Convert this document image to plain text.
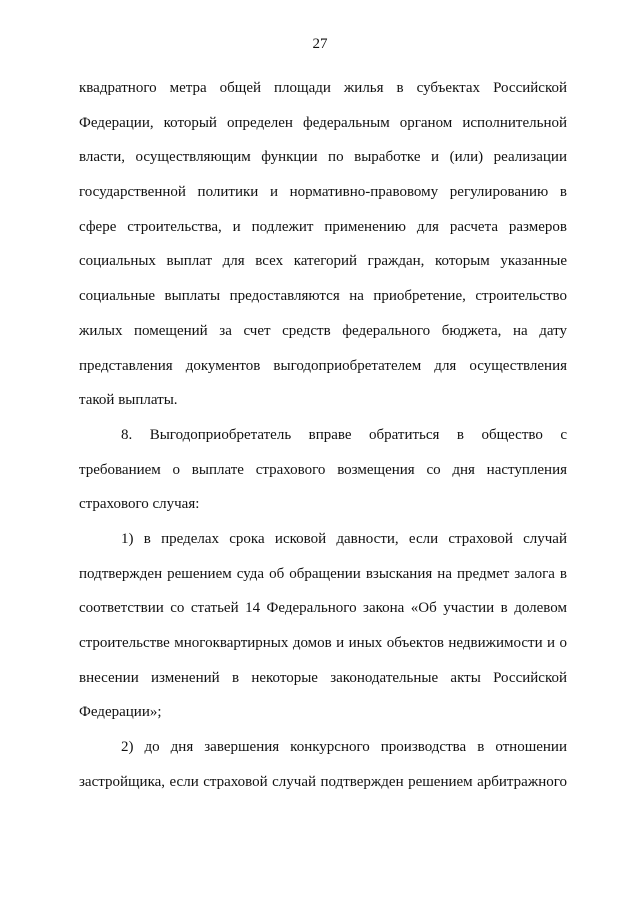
27
квадратного метра общей площади жилья в субъектах Российской
Федерации, который определен федеральным органом исполнительной
власти, осуществляющим функции по выработке и (или) реализации
государственной политики и нормативно-правовому регулированию в
сфере строительства, и подлежит применению для расчета размеров
социальных выплат для всех категорий граждан, которым указанные
социальные выплаты предоставляются на приобретение, строительство
жилых помещений за счет средств федерального бюджета, на дату
представления документов выгодоприобретателем для осуществления
такой выплаты.
8. Выгодоприобретатель вправе обратиться в общество с
требованием о выплате страхового возмещения со дня наступления
страхового случая:
1) в пределах срока исковой давности, если страховой случай
подтвержден решением суда об обращении взыскания на предмет залога в
соответствии со статьей 14 Федерального закона «Об участии в долевом
строительстве многоквартирных домов и иных объектов недвижимости и о
внесении изменений в некоторые законодательные акты Российской
Федерации»;
2) до дня завершения конкурсного производства в отношении
застройщика, если страховой случай подтвержден решением арбитражного
